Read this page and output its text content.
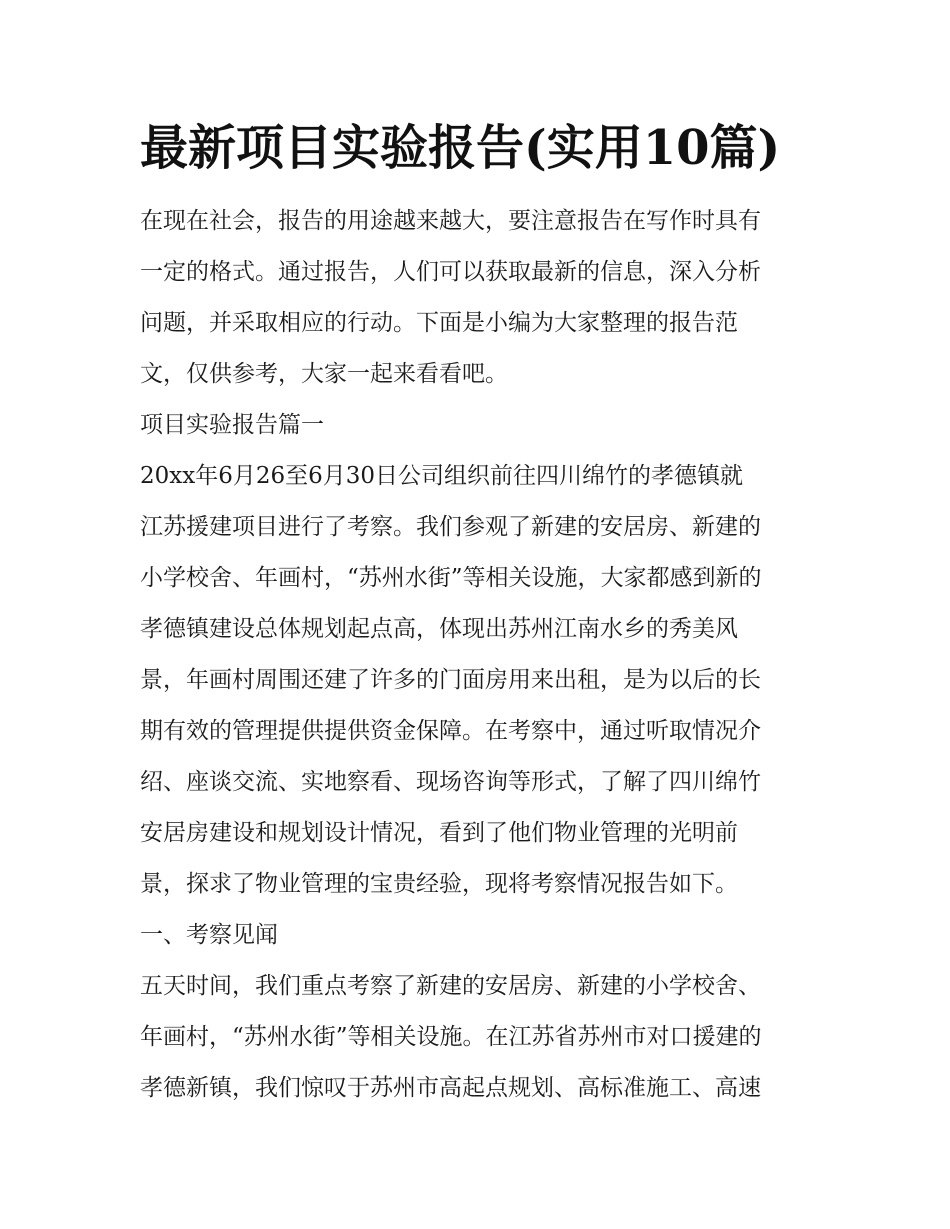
最新项目实验报告(实用10篇)
在现在社会，报告的用途越来越大，要注意报告在写作时具有
一定的格式。通过报告，人们可以获取最新的信息，深入分析
问题，并采取相应的行动。下面是小编为大家整理的报告范
文，仅供参考，大家一起来看看吧。
项目实验报告篇一
20xx年6月26至6月30日公司组织前往四川绵竹的孝德镇就
江苏援建项目进行了考察。我们参观了新建的安居房、新建的
小学校舍、年画村，“苏州水街”等相关设施，大家都感到新的
孝德镇建设总体规划起点高，体现出苏州江南水乡的秀美风
景，年画村周围还建了许多的门面房用来出租，是为以后的长
期有效的管理提供提供资金保障。在考察中，通过听取情况介
绍、座谈交流、实地察看、现场咨询等形式，了解了四川绵竹
安居房建设和规划设计情况，看到了他们物业管理的光明前
景，探求了物业管理的宝贵经验，现将考察情况报告如下。
一、考察见闻
五天时间，我们重点考察了新建的安居房、新建的小学校舍、
年画村，“苏州水街”等相关设施。在江苏省苏州市对口援建的
孝德新镇，我们惊叹于苏州市高起点规划、高标准施工、高速
